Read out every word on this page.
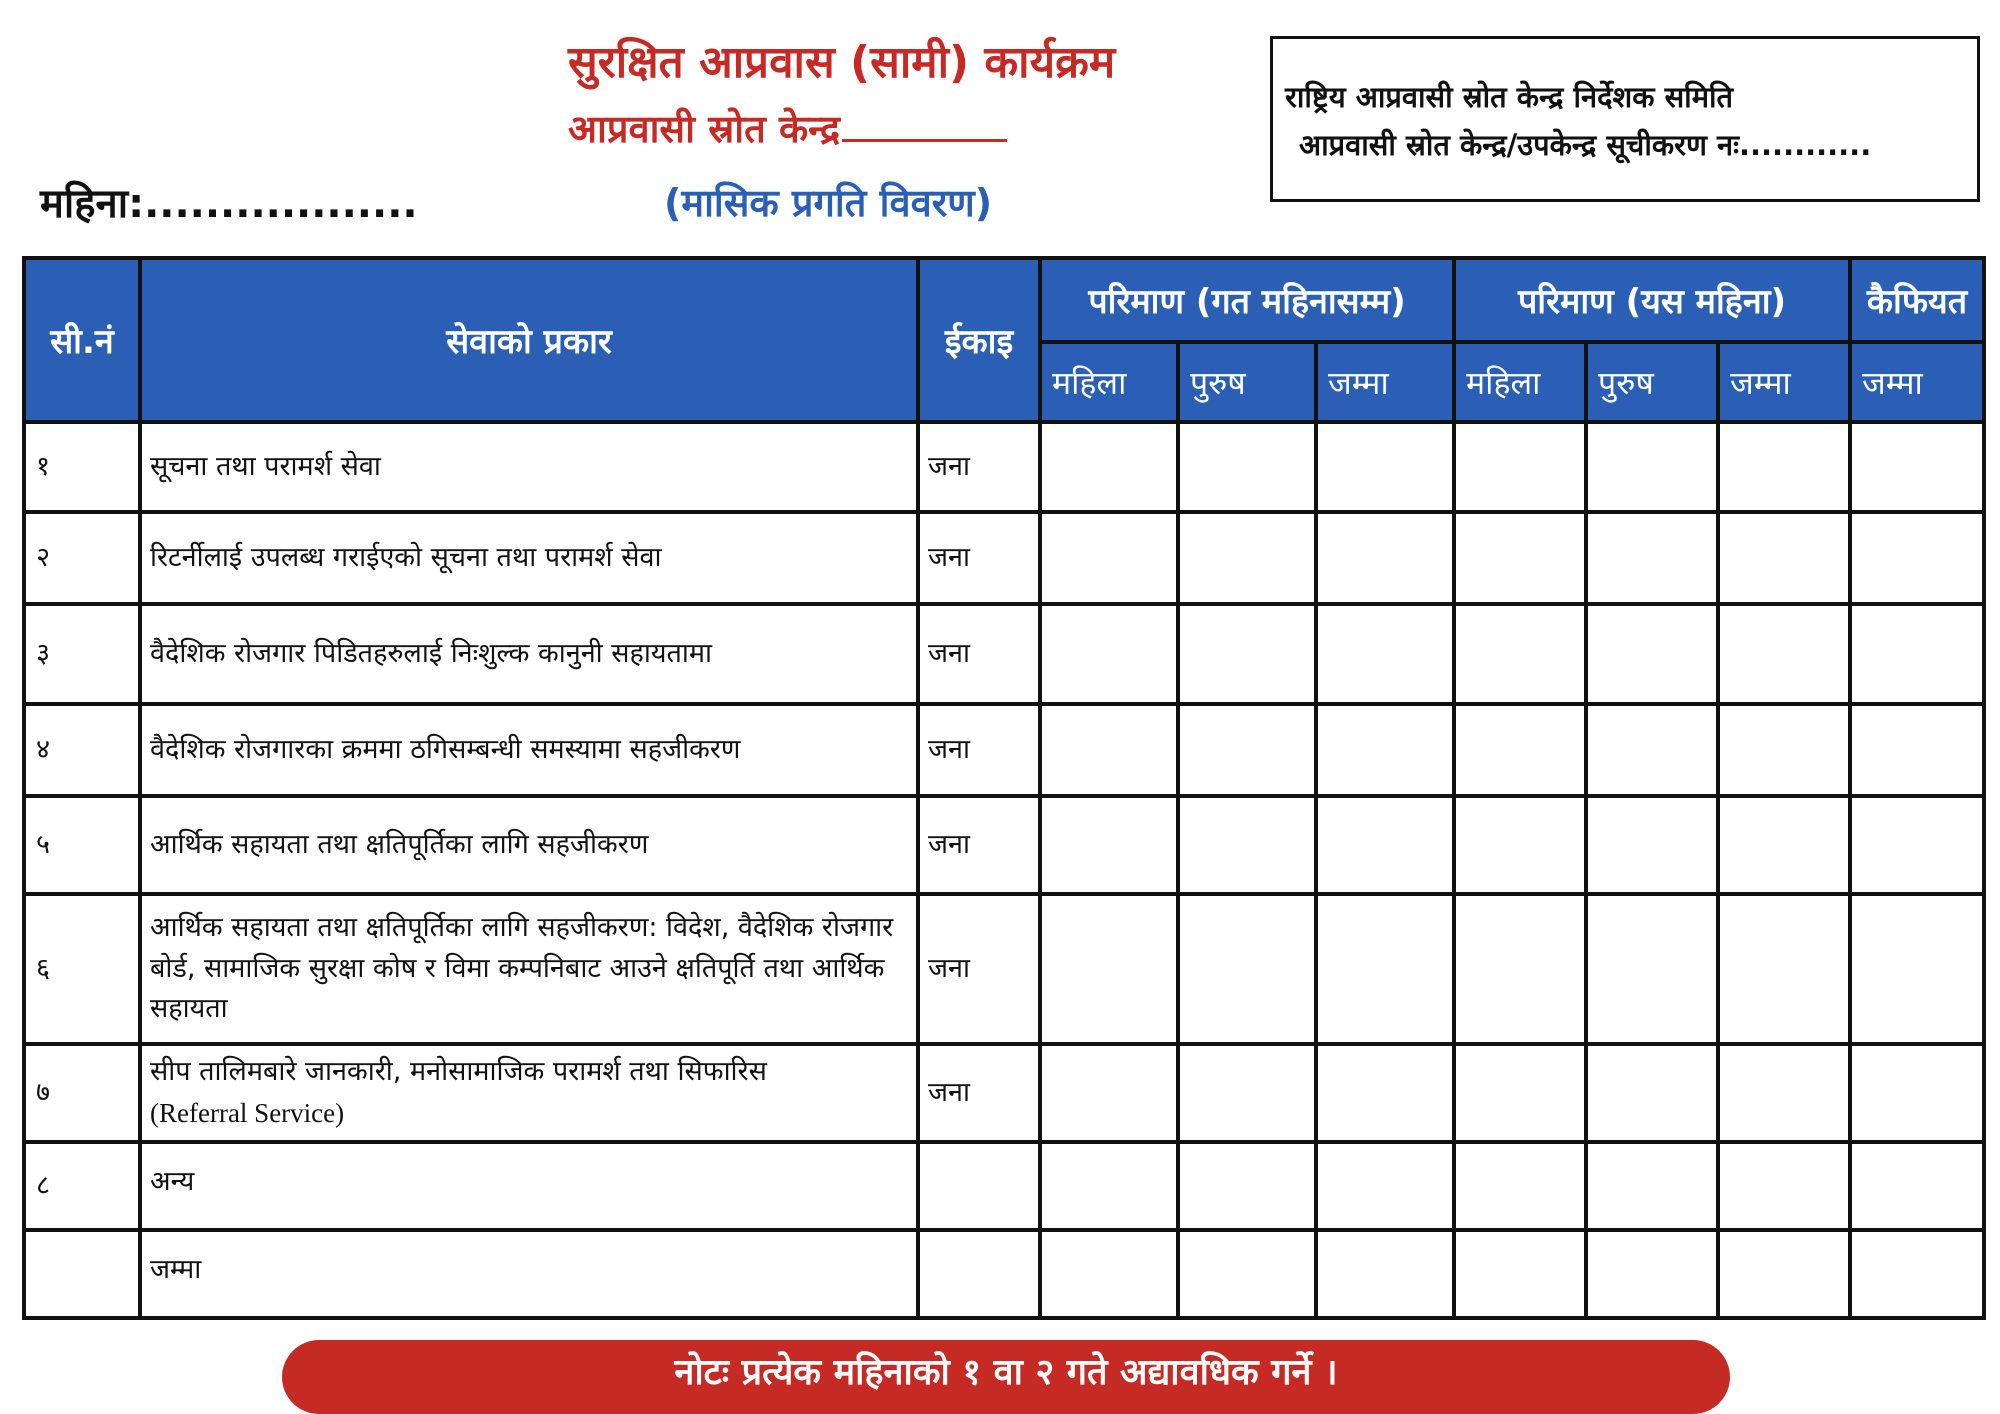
सुरक्षित आप्रवास (सामी) कार्यक्रम
आप्रवासी स्रोत केन्द्र
महिना:..................	(मासिक प्रगति विवरण)
राष्ट्रिय आप्रवासी स्रोत केन्द्र निर्देशक समिति
आप्रवासी स्रोत केन्द्र/उपकेन्द्र सूचीकरण नः............
सी.नं	सेवाको प्रकार	ईकाइ	परिमाण (गत महिनासम्म)			परिमाण (यस महिना)			कैफियत
			महिला	पुरुष	जम्मा	महिला	पुरुष	जम्मा	जम्मा
१	सूचना तथा परामर्श सेवा	जना							
२	रिटर्नीलाई उपलब्ध गराईएको सूचना तथा परामर्श सेवा	जना							
३	वैदेशिक रोजगार पिडितहरुलाई निःशुल्क कानुनी सहायतामा	जना							
४	वैदेशिक रोजगारका क्रममा ठगिसम्बन्धी समस्यामा सहजीकरण	जना							
५	आर्थिक सहायता तथा क्षतिपूर्तिका लागि सहजीकरण	जना							
६	आर्थिक सहायता तथा क्षतिपूर्तिका लागि सहजीकरण: विदेश, वैदेशिक रोजगार बोर्ड, सामाजिक सुरक्षा कोष र विमा कम्पनिबाट आउने क्षतिपूर्ति तथा आर्थिक सहायता	जना							
७	सीप तालिमबारे जानकारी, मनोसामाजिक परामर्श तथा सिफारिस
(Referral Service)	जना							
८	अन्य								
	जम्मा								
नोटः प्रत्येक महिनाको १ वा २ गते अद्यावधिक गर्ने ।
